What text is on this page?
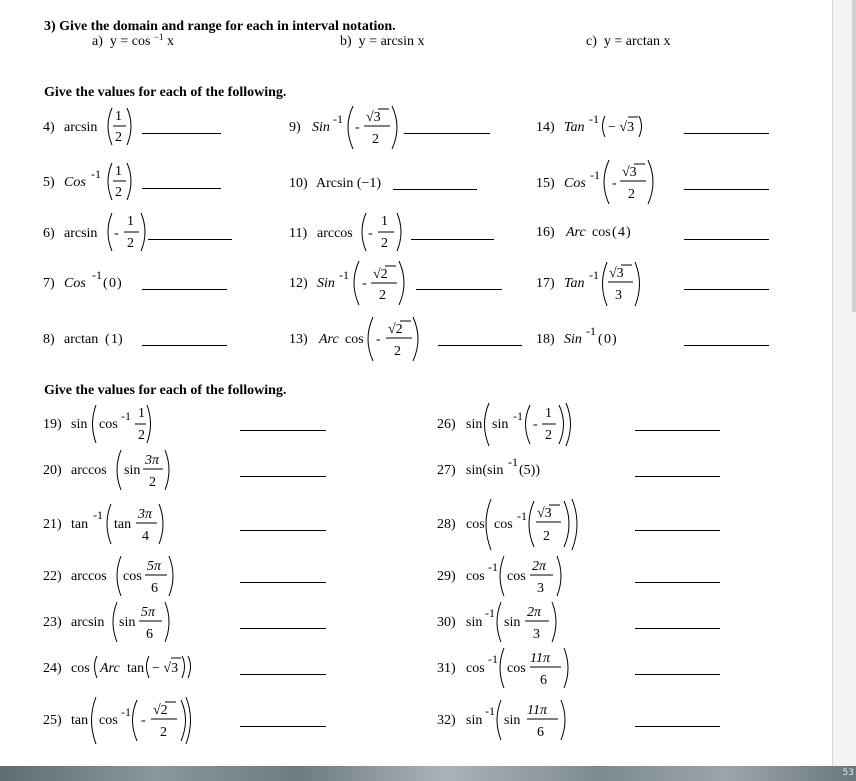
3) Give the domain and range for each in interval notation.
a) y = cos $^{-1}$ x	b) y = arcsin x	c) y = arctan x
Give the values for each of the following.
Give the values for each of the following.
4) arcsin
1
2
5) Cos
-1 1
2
6) arcsin -
1
2
7) Cos
-1
( 0 )
8) arctan ( 1 )
9) Sin
-1
-
√3
2
10) Arcsin (−1)
11) arccos -
1
2
12) Sin
-1
-
√2
2
13) Arc cos -
√2
2
14) Tan
-1
− √3
15) Cos
-1
-
√3
2
16) Arc cos ( 4 )
17) Tan
-1 √3
3
18) Sin
-1
( 0 )
19) sin cos
-1 1
2
20) arccos sin
3π
2
21) tan
-1
tan
3π
4
22) arccos cos
5π
6
23) arcsin sin
5π
6
24) cos Arc tan − √3
25) tan cos
-1
-
√2
2
26) sin sin
-1
-
1
2
27) sin(sin
-1
(5))
28) cos cos
-1 √3
2
29) cos
-1
cos
2π
3
30) sin
-1
sin
2π
3
31) cos
-1
cos
11π
6
32) sin
-1
sin
11π
6
53
